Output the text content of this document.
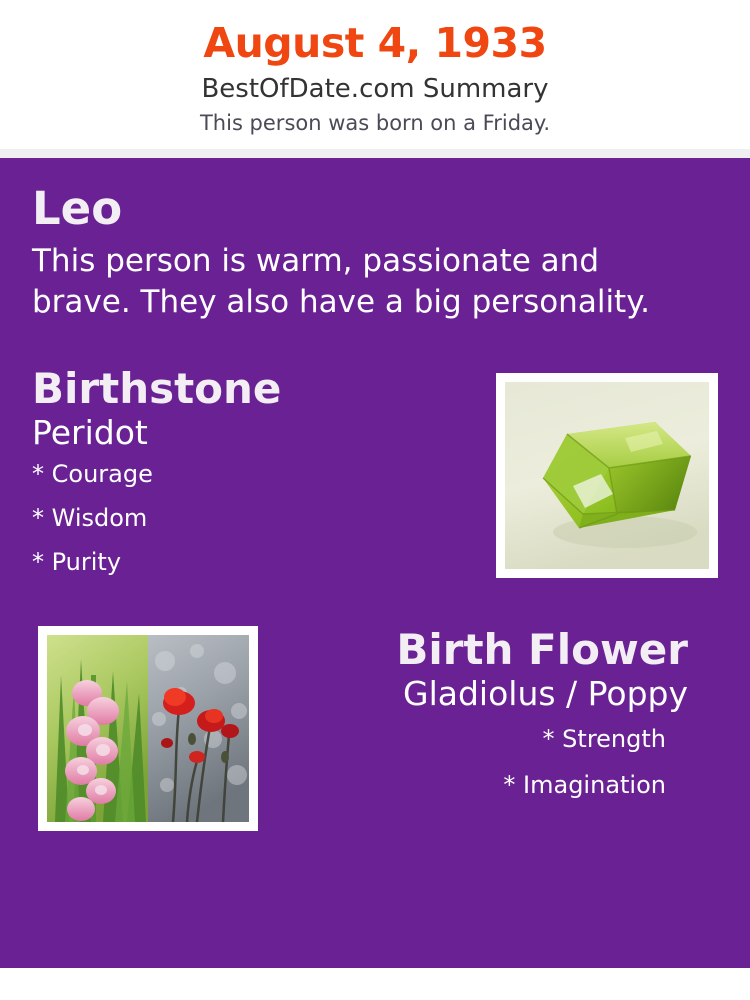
August 4, 1933
BestOfDate.com Summary
This person was born on a Friday.
Leo
This person is warm, passionate and brave. They also have a big personality.
Birthstone
Peridot
* Courage
* Wisdom
* Purity
Birth Flower
Gladiolus / Poppy
* Strength
* Imagination
